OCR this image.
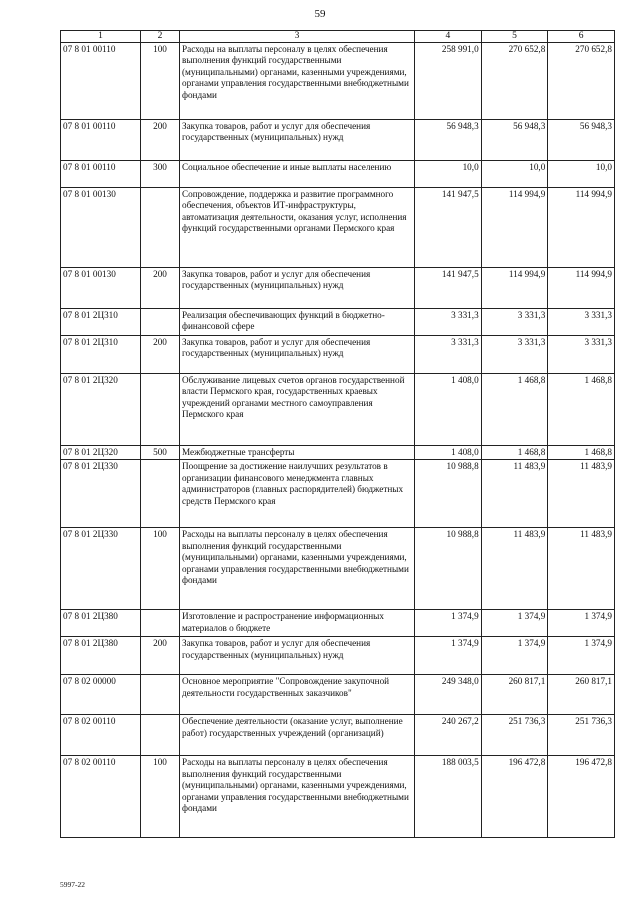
59
1	2	3	4	5	6
07 8 01 00110	100	Расходы на выплаты персоналу в целях обеспечения выполнения функций государственными (муниципальными) органами, казенными учреждениями, органами управления государственными внебюджетными фондами	258 991,0	270 652,8	270 652,8
07 8 01 00110	200	Закупка товаров, работ и услуг для обеспечения государственных (муниципальных) нужд	56 948,3	56 948,3	56 948,3
07 8 01 00110	300	Социальное обеспечение и иные выплаты населению	10,0	10,0	10,0
07 8 01 00130		Сопровождение, поддержка и развитие программного обеспечения, объектов ИТ-инфраструктуры, автоматизация деятельности, оказания услуг, исполнения функций государственными органами Пермского края	141 947,5	114 994,9	114 994,9
07 8 01 00130	200	Закупка товаров, работ и услуг для обеспечения государственных (муниципальных) нужд	141 947,5	114 994,9	114 994,9
07 8 01 2Ц310		Реализация обеспечивающих функций в бюджетно-финансовой сфере	3 331,3	3 331,3	3 331,3
07 8 01 2Ц310	200	Закупка товаров, работ и услуг для обеспечения государственных (муниципальных) нужд	3 331,3	3 331,3	3 331,3
07 8 01 2Ц320		Обслуживание лицевых счетов органов государственной власти Пермского края, государственных краевых учреждений органами местного самоуправления Пермского края	1 408,0	1 468,8	1 468,8
07 8 01 2Ц320	500	Межбюджетные трансферты	1 408,0	1 468,8	1 468,8
07 8 01 2Ц330		Поощрение за достижение наилучших результатов в организации финансового менеджмента главных администраторов (главных распорядителей) бюджетных средств Пермского края	10 988,8	11 483,9	11 483,9
07 8 01 2Ц330	100	Расходы на выплаты персоналу в целях обеспечения выполнения функций государственными (муниципальными) органами, казенными учреждениями, органами управления государственными внебюджетными фондами	10 988,8	11 483,9	11 483,9
07 8 01 2Ц380		Изготовление и распространение информационных материалов о бюджете	1 374,9	1 374,9	1 374,9
07 8 01 2Ц380	200	Закупка товаров, работ и услуг для обеспечения государственных (муниципальных) нужд	1 374,9	1 374,9	1 374,9
07 8 02 00000		Основное мероприятие "Сопровождение закупочной деятельности государственных заказчиков"	249 348,0	260 817,1	260 817,1
07 8 02 00110		Обеспечение деятельности (оказание услуг, выполнение работ) государственных учреждений (организаций)	240 267,2	251 736,3	251 736,3
07 8 02 00110	100	Расходы на выплаты персоналу в целях обеспечения выполнения функций государственными (муниципальными) органами, казенными учреждениями, органами управления государственными внебюджетными фондами	188 003,5	196 472,8	196 472,8
5997-22
